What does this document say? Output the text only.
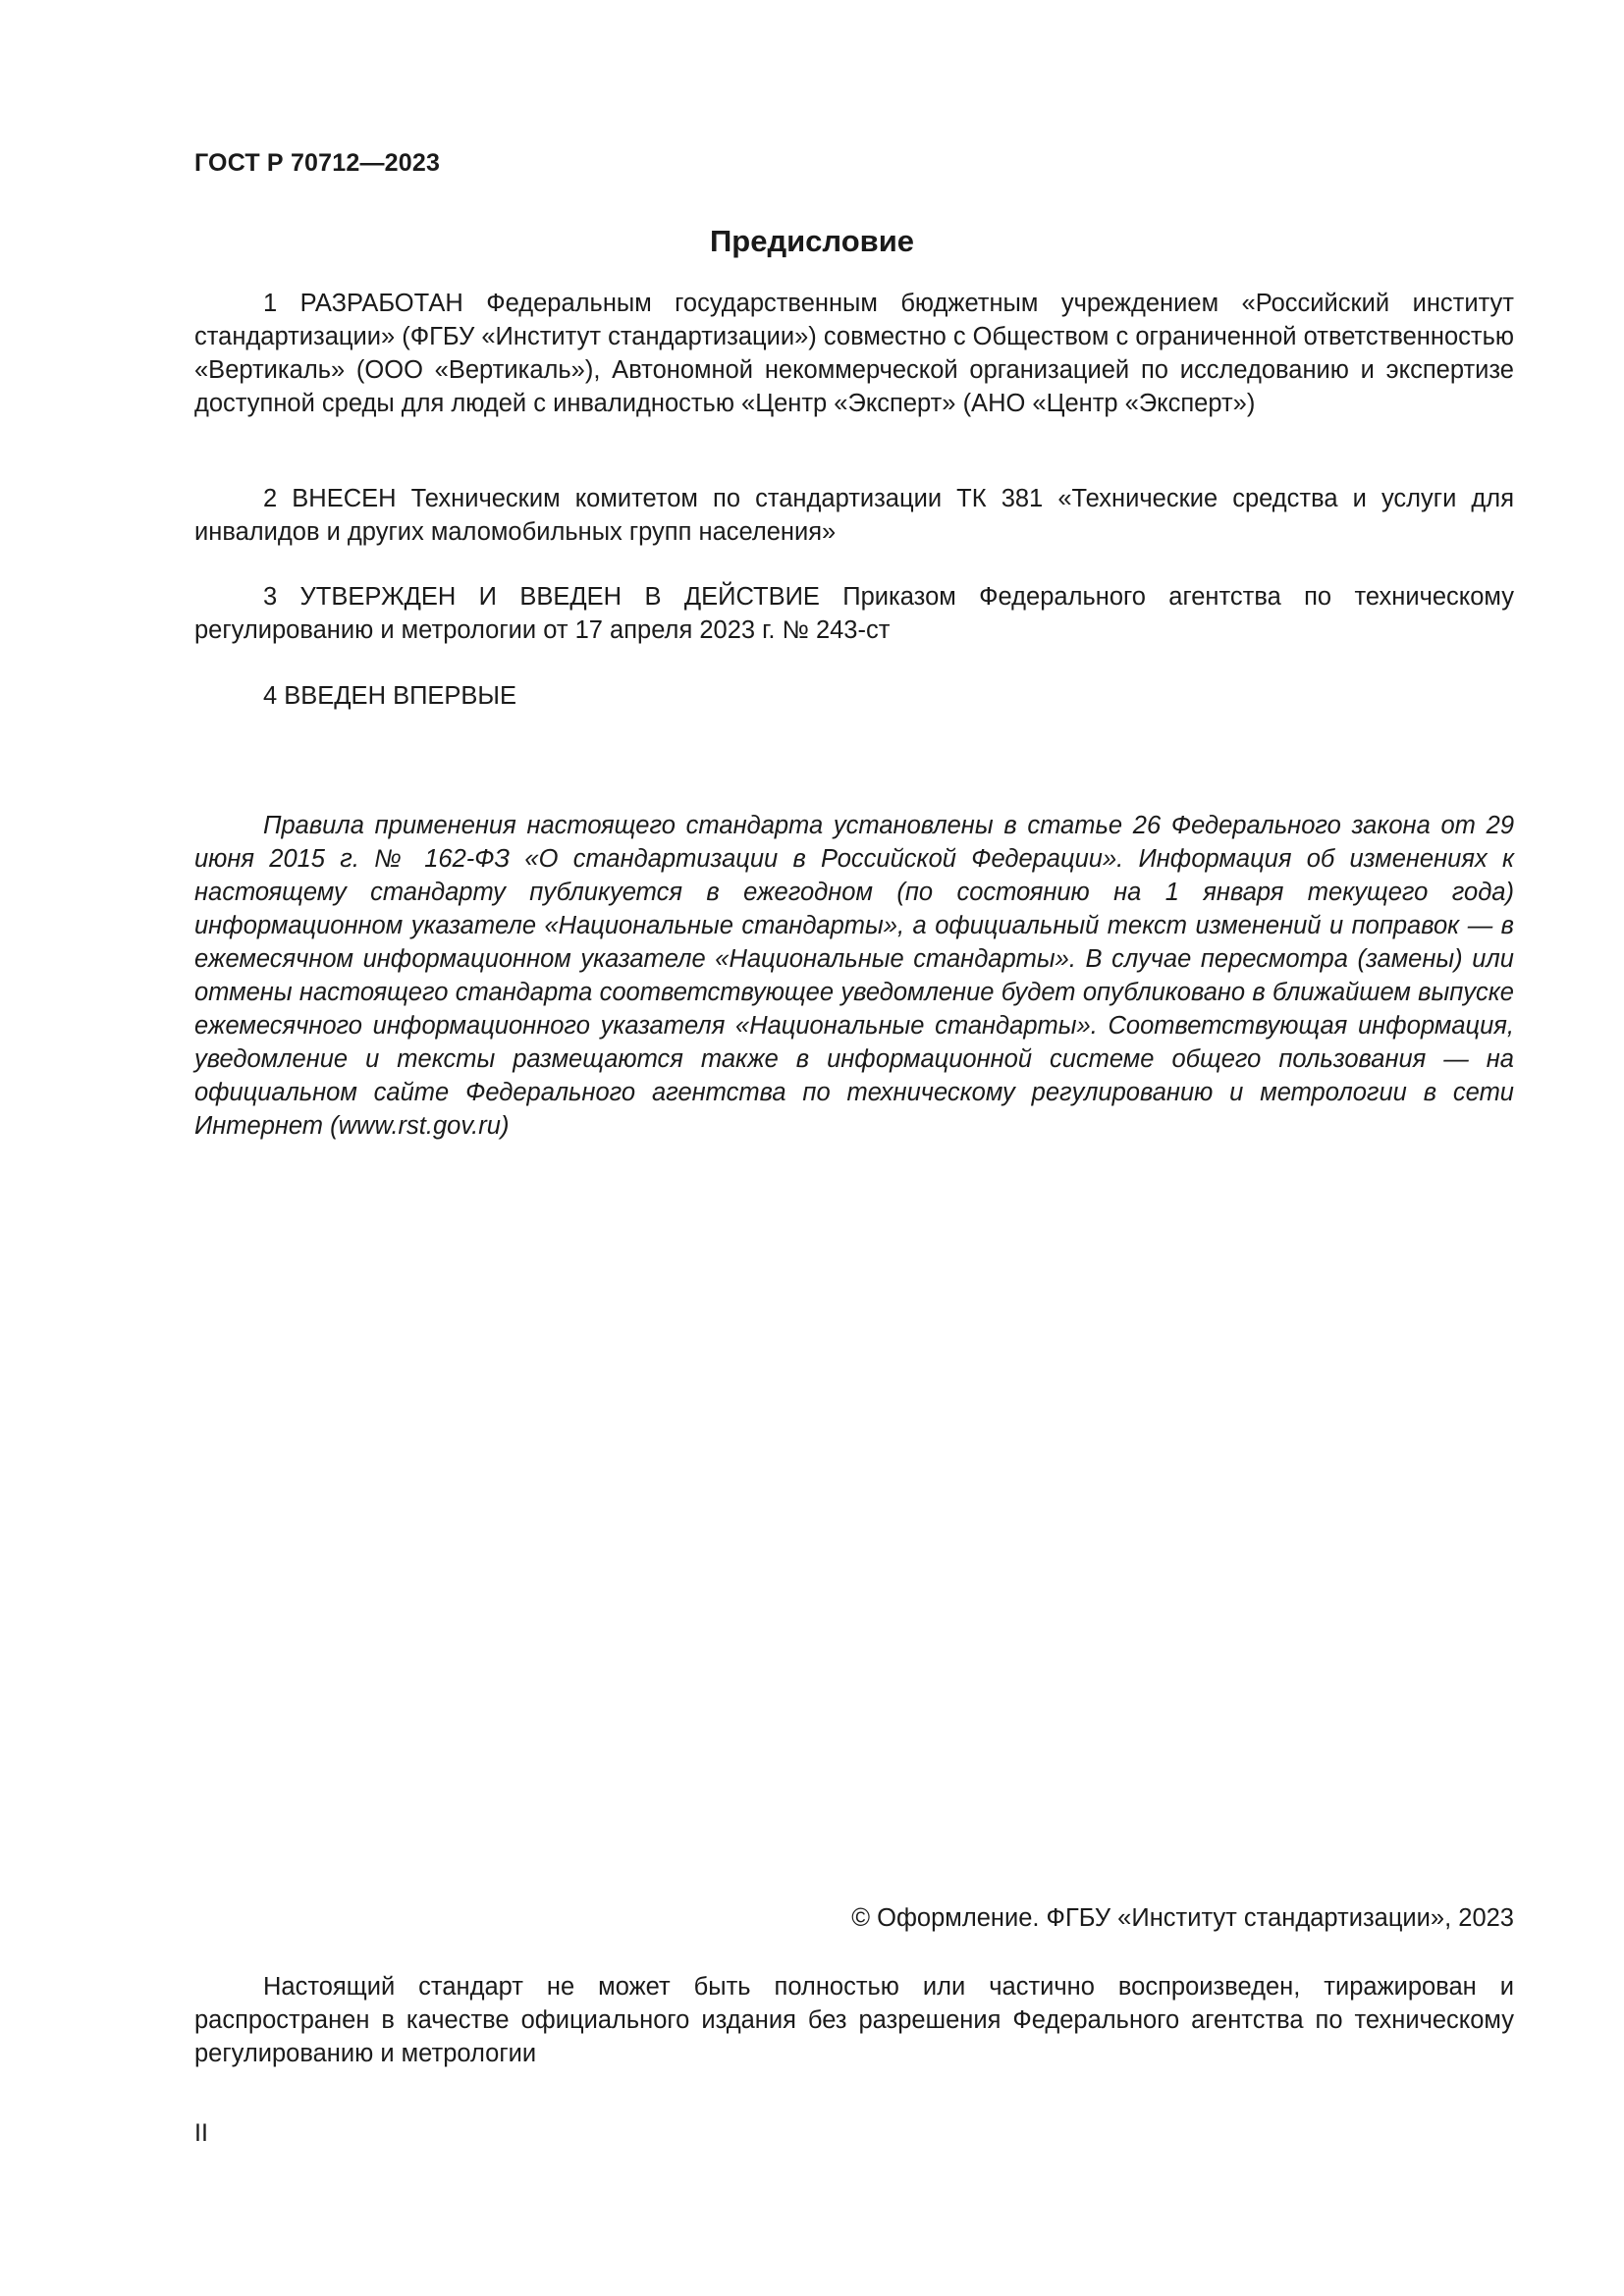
ГОСТ Р 70712—2023
Предисловие

1 РАЗРАБОТАН Федеральным государственным бюджетным учреждением «Российский институт стандартизации» (ФГБУ «Институт стандартизации») совместно с Обществом с ограниченной ответственностью «Вертикаль» (ООО «Вертикаль»), Автономной некоммерческой организацией по исследованию и экспертизе доступной среды для людей с инвалидностью «Центр «Эксперт» (АНО «Центр «Эксперт»)

2 ВНЕСЕН Техническим комитетом по стандартизации ТК 381 «Технические средства и услуги для инвалидов и других маломобильных групп населения»

3 УТВЕРЖДЕН И ВВЕДЕН В ДЕЙСТВИЕ Приказом Федерального агентства по техническому регулированию и метрологии от 17 апреля 2023 г. № 243-ст

4 ВВЕДЕН ВПЕРВЫЕ

Правила применения настоящего стандарта установлены в статье 26 Федерального закона от 29 июня 2015 г. № 162-ФЗ «О стандартизации в Российской Федерации». Информация об изменениях к настоящему стандарту публикуется в ежегодном (по состоянию на 1 января текущего года) информационном указателе «Национальные стандарты», а официальный текст изменений и поправок — в ежемесячном информационном указателе «Национальные стандарты». В случае пересмотра (замены) или отмены настоящего стандарта соответствующее уведомление будет опубликовано в ближайшем выпуске ежемесячного информационного указателя «Национальные стандарты». Соответствующая информация, уведомление и тексты размещаются также в информационной системе общего пользования — на официальном сайте Федерального агентства по техническому регулированию и метрологии в сети Интернет (www.rst.gov.ru)

© Оформление. ФГБУ «Институт стандартизации», 2023

Настоящий стандарт не может быть полностью или частично воспроизведен, тиражирован и распространен в качестве официального издания без разрешения Федерального агентства по техническому регулированию и метрологии

II
